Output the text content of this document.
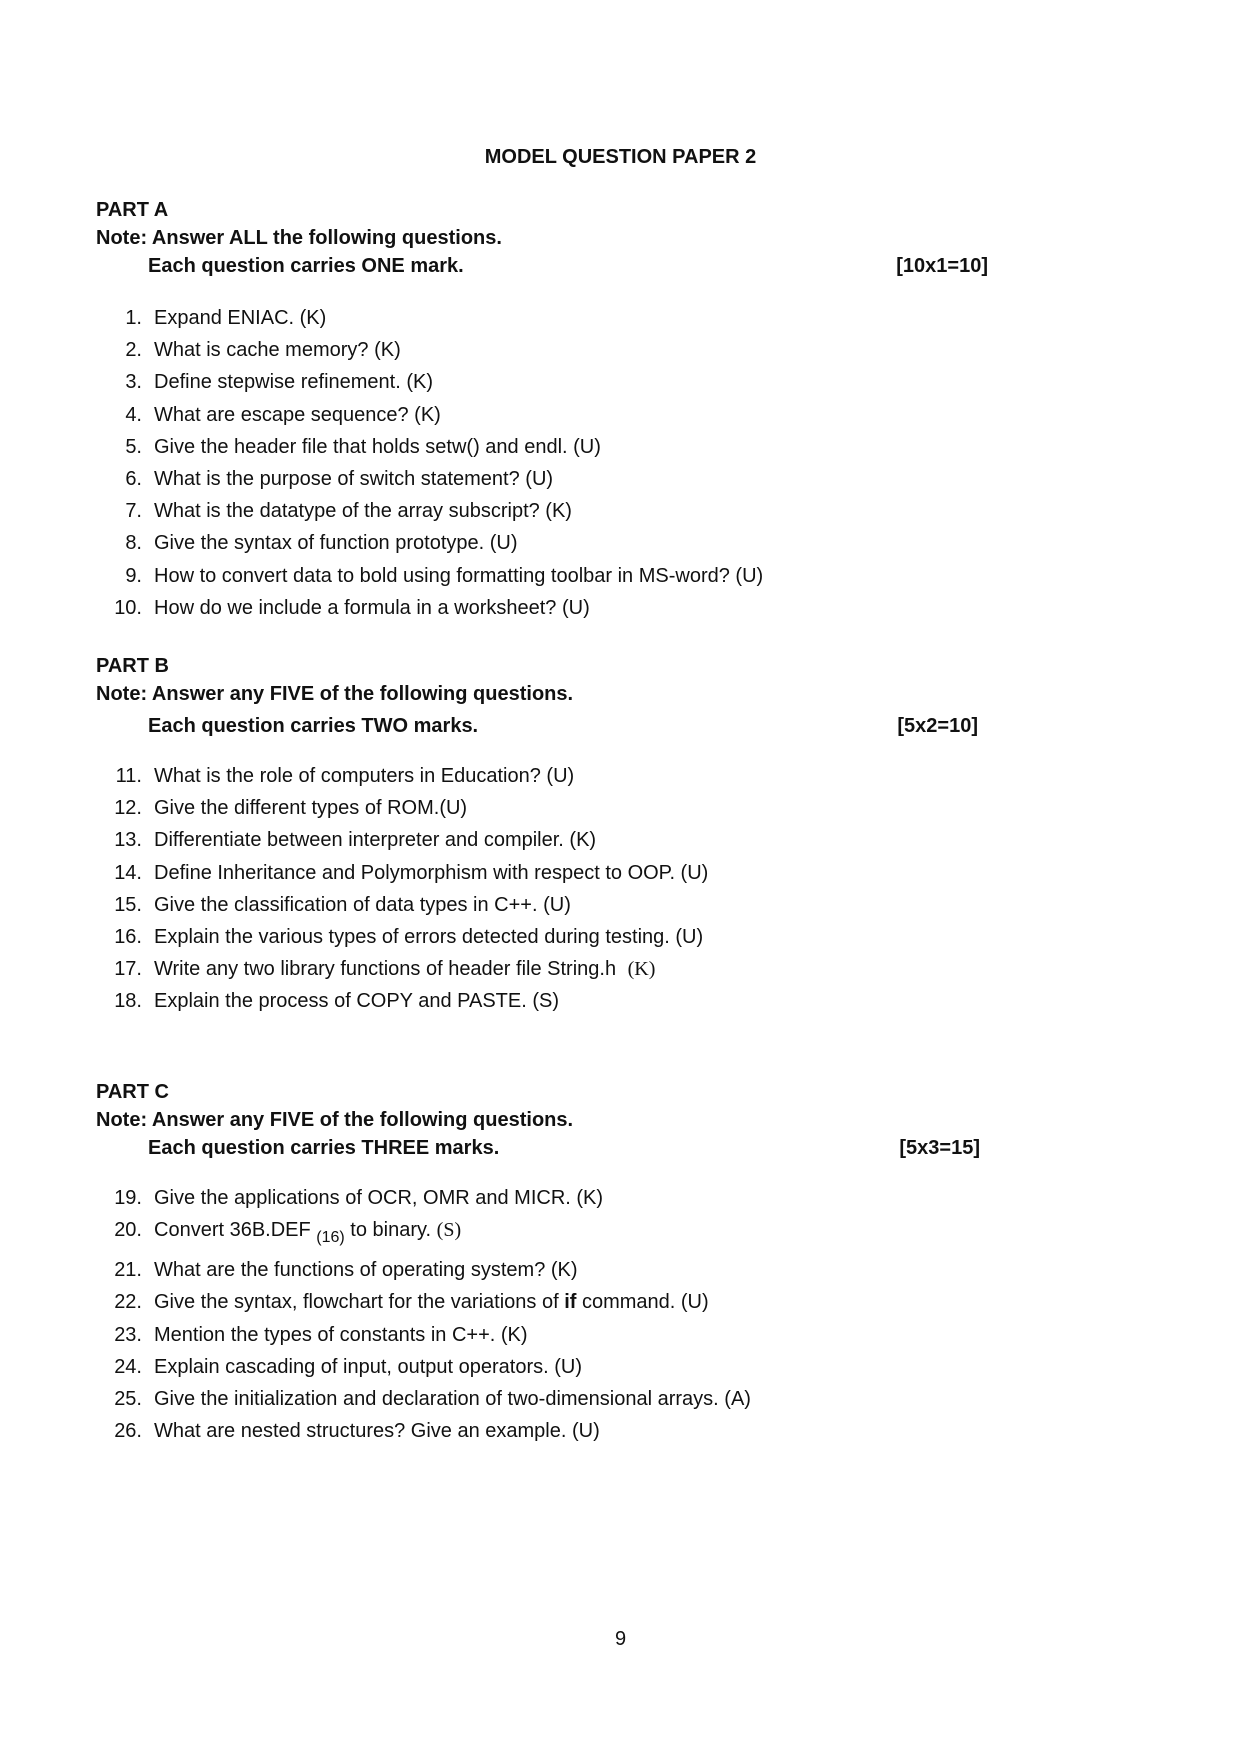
MODEL QUESTION PAPER 2
PART A
Note: Answer ALL the following questions.
Each question carries ONE mark.	[10x1=10]
1. Expand ENIAC. (K)
2. What is cache memory? (K)
3. Define stepwise refinement. (K)
4. What are escape sequence? (K)
5. Give the header file that holds setw() and endl. (U)
6. What is the purpose of switch statement? (U)
7. What is the datatype of the array subscript? (K)
8. Give the syntax of function prototype. (U)
9. How to convert data to bold using formatting toolbar in MS-word? (U)
10. How do we include a formula in a worksheet? (U)
PART B
Note: Answer any FIVE of the following questions.
Each question carries TWO marks.	[5x2=10]
11. What is the role of computers in Education? (U)
12. Give the different types of ROM.(U)
13. Differentiate between interpreter and compiler. (K)
14. Define Inheritance and Polymorphism with respect to OOP. (U)
15. Give the classification of data types in C++. (U)
16. Explain the various types of errors detected during testing. (U)
17. Write any two library functions of header file String.h (K)
18. Explain the process of COPY and PASTE. (S)
PART C
Note: Answer any FIVE of the following questions.
Each question carries THREE marks.	[5x3=15]
19. Give the applications of OCR, OMR and MICR. (K)
20. Convert 36B.DEF $_{(16)}$ to binary. (S)
21. What are the functions of operating system? (K)
22. Give the syntax, flowchart for the variations of if command. (U)
23. Mention the types of constants in C++. (K)
24. Explain cascading of input, output operators. (U)
25. Give the initialization and declaration of two-dimensional arrays. (A)
26. What are nested structures? Give an example. (U)
9
